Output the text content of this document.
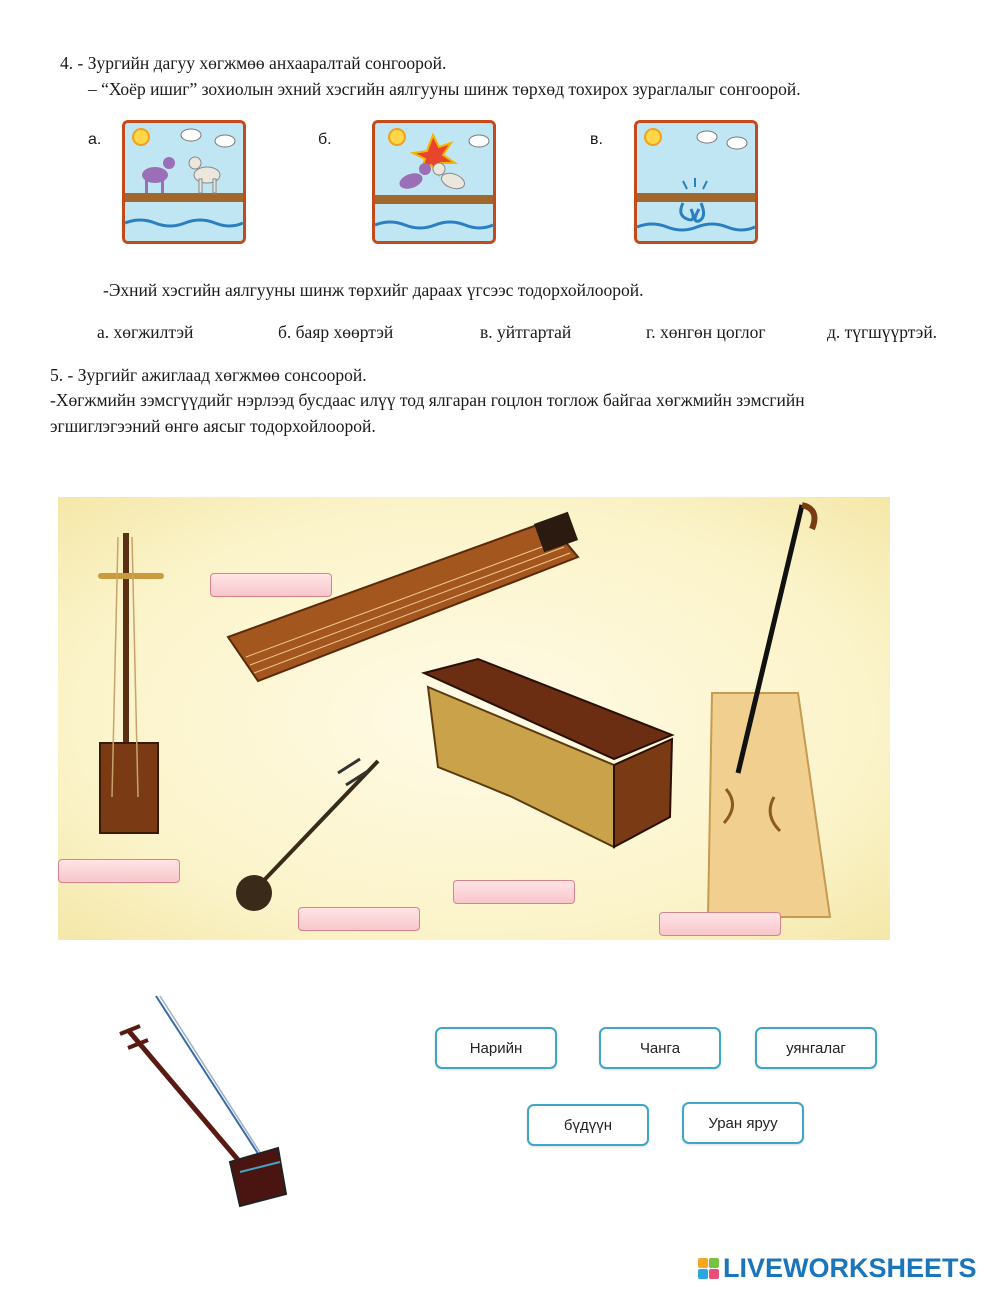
4. - Зургийн дагуу хөгжмөө анхааралтай сонгоорой.
– “Хоёр ишиг” зохиолын эхний хэсгийн аялгууны шинж төрхөд тохирох зураглалыг сонгоорой.
а.	б.	в.
-Эхний хэсгийн аялгууны шинж төрхийг дараах үгсээс тодорхойлоорой.
а. хөгжилтэй	б. баяр хөөртэй	в. уйтгартай	г. хөнгөн цоглог	д. түгшүүртэй.
5. - Зургийг ажиглаад хөгжмөө сонсоорой.
-Хөгжмийн зэмсгүүдийг нэрлээд бусдаас илүү тод ялгаран гоцлон тоглож байгаа хөгжмийн зэмсгийн
эгшиглэгээний өнгө аясыг тодорхойлоорой.
Нарийн	Чанга	уянгалаг
бүдүүн	Уран яруу
LIVEWORKSHEETS
